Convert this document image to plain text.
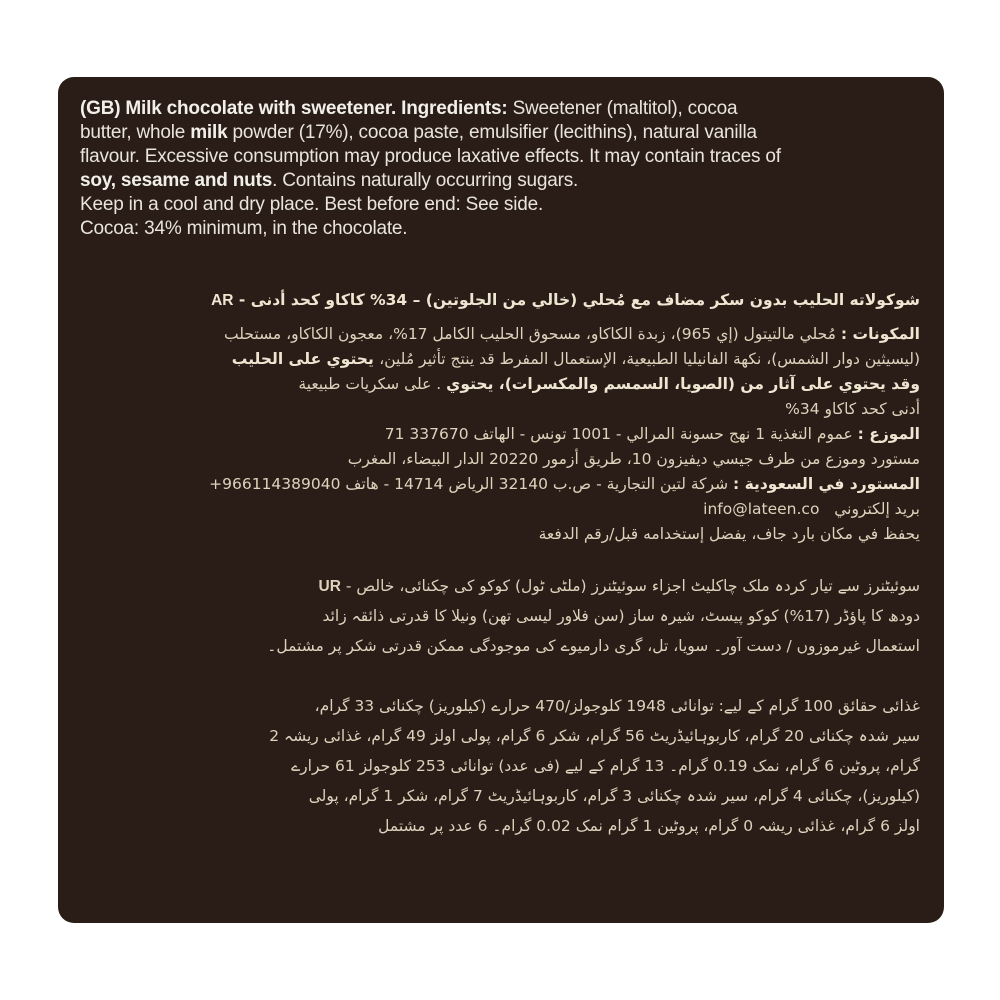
(GB) Milk chocolate with sweetener. Ingredients: Sweetener (maltitol), cocoa
butter, whole milk powder (17%), cocoa paste, emulsifier (lecithins), natural vanilla
flavour. Excessive consumption may produce laxative effects. It may contain traces of
soy, sesame and nuts. Contains naturally occurring sugars.
Keep in a cool and dry place. Best before end: See side.
Cocoa: 34% minimum, in the chocolate.
AR - شوكولاته الحليب بدون سكر مضاف مع مُحلي (خالي من الجلوتين) – 34% كاكاو كحد أدنى
المكونات : مُحلي مالتيتول (إي 965)، زبدة الكاكاو، مسحوق الحليب الكامل 17%، معجون الكاكاو، مستحلب
(ليسيثين دوار الشمس)، نكهة الفانيليا الطبيعية، الإستعمال المفرط قد ينتج تأثير مُلين، يحتوي على الحليب
وقد يحتوي على آثار من (الصويا، السمسم والمكسرات)، يحتوي . على سكريات طبيعية
أدنى كحد كاكاو 34%
الموزع : عموم التغذية 1 نهج حسونة المرالي - 1001 تونس - الهاتف 337670 71
مستورد وموزع من طرف جيسي ديفيزون 10، طريق أزمور 20220 الدار البيضاء، المغرب
المستورد في السعودية : شركة لتين التجارية - ص.ب 32140 الرياض 14714 - هاتف 966114389040+
بريد إلكتروني   info@lateen.co
يحفظ في مكان بارد جاف، يفضل إستخدامه قبل/رقم الدفعة
UR - سوئیٹنرز سے تیار کردہ ملک چاکلیٹ اجزاء سوئیٹنرز (ملٹی ٹول) کوکو کی چکنائی، خالص
دودھ کا پاؤڈر (17%) کوکو پیسٹ، شیرہ ساز (سن فلاور لیسی تھن) ونیلا کا قدرتی ذائقہ زائد
استعمال غیرموزوں / دست آور۔ سویا، تل، گری دارمیوے کی موجودگی ممکن قدرتی شکر پر مشتمل۔
غذائی حقائق 100 گرام کے لیے: توانائی 1948 کلوجولز/470 حرارے (کیلوریز) چکنائی 33 گرام،
سیر شدہ چکنائی 20 گرام، کاربوہائیڈریٹ 56 گرام، شکر 6 گرام، پولی اولز 49 گرام، غذائی ریشہ 2
گرام، پروٹین 6 گرام، نمک 0.19 گرام۔ 13 گرام کے لیے (فی عدد) توانائی 253 کلوجولز 61 حرارے
(کیلوریز)، چکنائی 4 گرام، سیر شدہ چکنائی 3 گرام، کاربوہائیڈریٹ 7 گرام، شکر 1 گرام، پولی
اولز 6 گرام، غذائی ریشہ 0 گرام، پروٹین 1 گرام نمک 0.02 گرام۔ 6 عدد پر مشتمل
